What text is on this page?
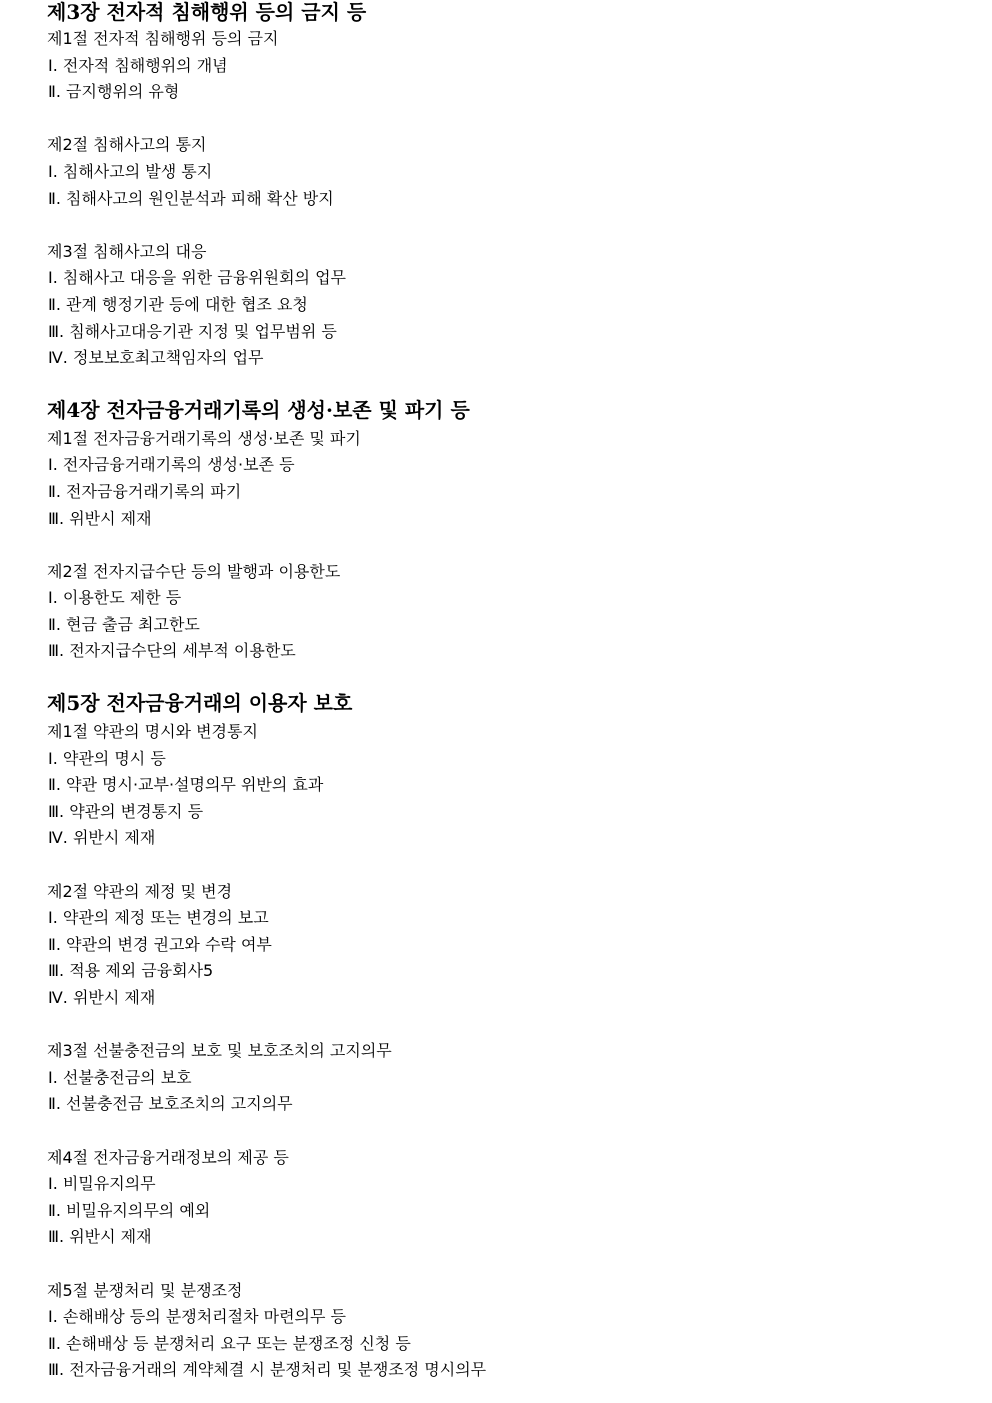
제3장 전자적 침해행위 등의 금지 등
제1절 전자적 침해행위 등의 금지
Ⅰ. 전자적 침해행위의 개념
Ⅱ. 금지행위의 유형
제2절 침해사고의 통지
Ⅰ. 침해사고의 발생 통지
Ⅱ. 침해사고의 원인분석과 피해 확산 방지
제3절 침해사고의 대응
Ⅰ. 침해사고 대응을 위한 금융위원회의 업무
Ⅱ. 관계 행정기관 등에 대한 협조 요청
Ⅲ. 침해사고대응기관 지정 및 업무범위 등
Ⅳ. 정보보호최고책임자의 업무
제4장 전자금융거래기록의 생성·보존 및 파기 등
제1절 전자금융거래기록의 생성·보존 및 파기
Ⅰ. 전자금융거래기록의 생성·보존 등
Ⅱ. 전자금융거래기록의 파기
Ⅲ. 위반시 제재
제2절 전자지급수단 등의 발행과 이용한도
Ⅰ. 이용한도 제한 등
Ⅱ. 현금 출금 최고한도
Ⅲ. 전자지급수단의 세부적 이용한도
제5장 전자금융거래의 이용자 보호
제1절 약관의 명시와 변경통지
Ⅰ. 약관의 명시 등
Ⅱ. 약관 명시·교부·설명의무 위반의 효과
Ⅲ. 약관의 변경통지 등
Ⅳ. 위반시 제재
제2절 약관의 제정 및 변경
Ⅰ. 약관의 제정 또는 변경의 보고
Ⅱ. 약관의 변경 권고와 수락 여부
Ⅲ. 적용 제외 금융회사5
Ⅳ. 위반시 제재
제3절 선불충전금의 보호 및 보호조치의 고지의무
Ⅰ. 선불충전금의 보호
Ⅱ. 선불충전금 보호조치의 고지의무
제4절 전자금융거래정보의 제공 등
Ⅰ. 비밀유지의무
Ⅱ. 비밀유지의무의 예외
Ⅲ. 위반시 제재
제5절 분쟁처리 및 분쟁조정
Ⅰ. 손해배상 등의 분쟁처리절차 마련의무 등
Ⅱ. 손해배상 등 분쟁처리 요구 또는 분쟁조정 신청 등
Ⅲ. 전자금융거래의 계약체결 시 분쟁처리 및 분쟁조정 명시의무
